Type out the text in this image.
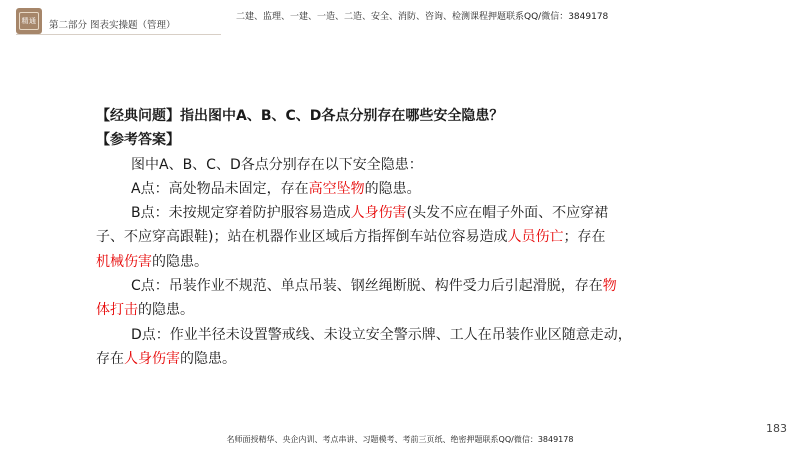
精通 第二部分 图表实操题（管理）
二建、监理、一建、一造、二造、安全、消防、咨询、检测课程押题联系QQ/微信：3849178
【经典问题】指出图中A、B、C、D各点分别存在哪些安全隐患？
【参考答案】
图中A、B、C、D各点分别存在以下安全隐患：
A点：高处物品未固定，存在高空坠物的隐患。
B点：未按规定穿着防护服容易造成人身伤害(头发不应在帽子外面、不应穿裙
子、不应穿高跟鞋)；站在机器作业区域后方指挥倒车站位容易造成人员伤亡；存在
机械伤害的隐患。
C点：吊装作业不规范、单点吊装、钢丝绳断脱、构件受力后引起滑脱，存在物
体打击的隐患。
D点：作业半径未设置警戒线、未设立安全警示牌、工人在吊装作业区随意走动，
存在人身伤害的隐患。
183
名师面授精华、央企内训、考点串讲、习题模考、考前三页纸、绝密押题联系QQ/微信：3849178
